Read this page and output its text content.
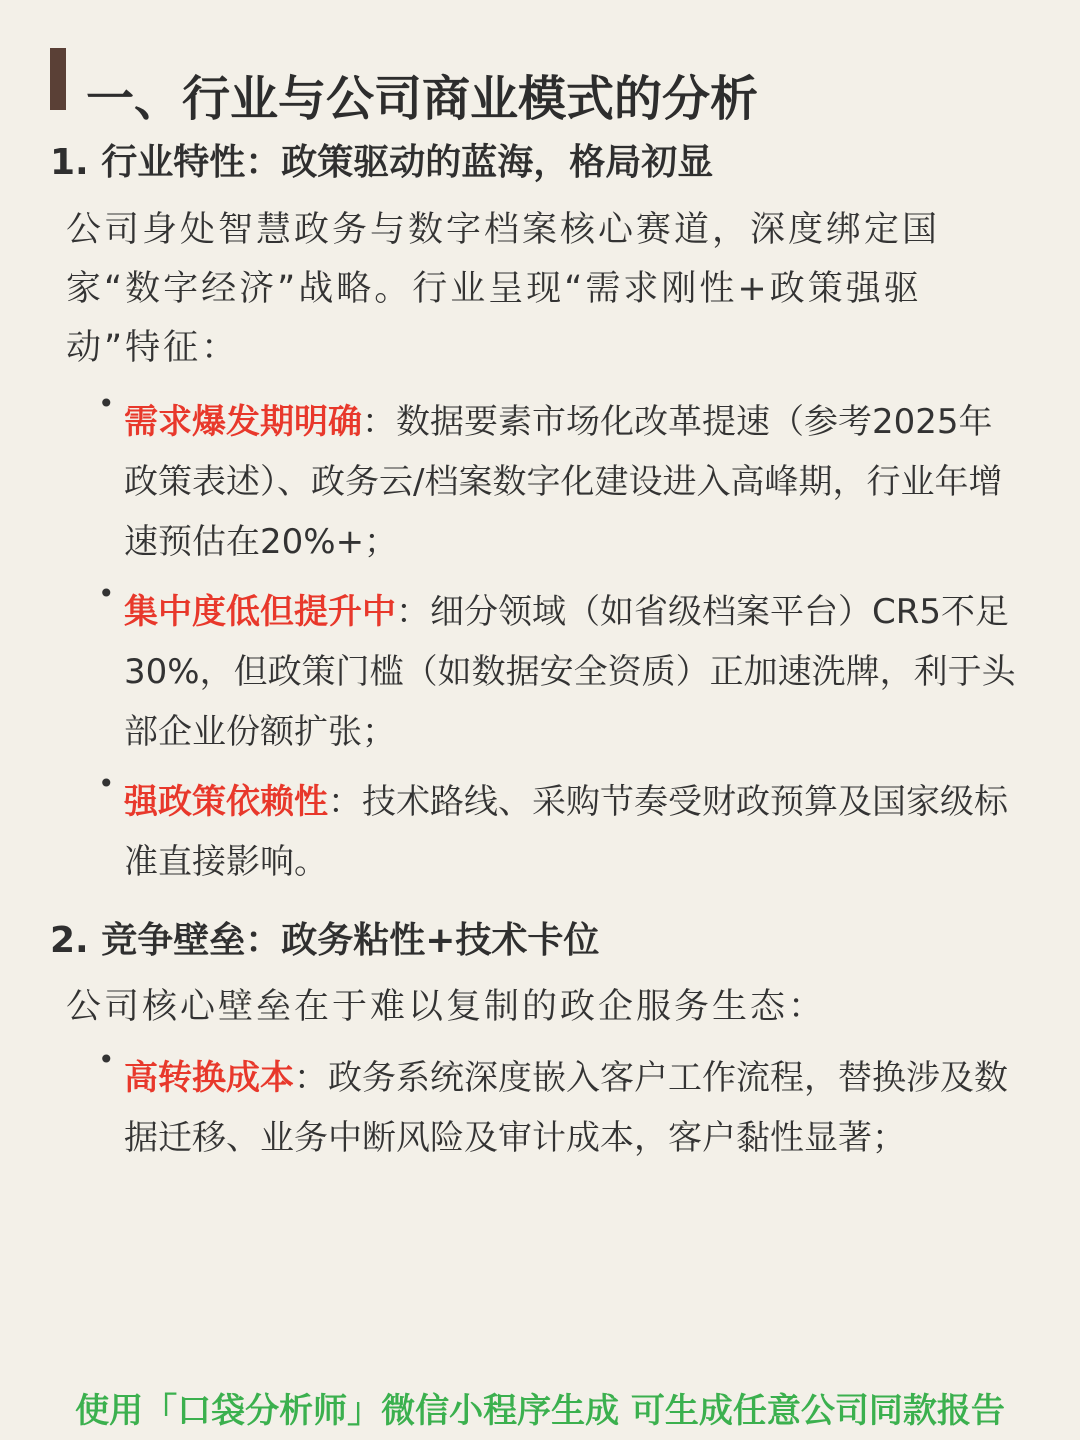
一、行业与公司商业模式的分析
1. 行业特性：政策驱动的蓝海，格局初显

公司身处智慧政务与数字档案核心赛道，深度绑定国家“数字经济”战略。行业呈现“需求刚性+政策强驱动”特征：

• 需求爆发期明确：数据要素市场化改革提速（参考2025年政策表述）、政务云/档案数字化建设进入高峰期，行业年增速预估在20%+；
• 集中度低但提升中：细分领域（如省级档案平台）CR5不足30%，但政策门槛（如数据安全资质）正加速洗牌，利于头部企业份额扩张；
• 强政策依赖性：技术路线、采购节奏受财政预算及国家级标准直接影响。
2. 竞争壁垒：政务粘性+技术卡位

公司核心壁垒在于难以复制的政企服务生态：

• 高转换成本：政务系统深度嵌入客户工作流程，替换涉及数据迁移、业务中断风险及审计成本，客户黏性显著；

使用「口袋分析师」微信小程序生成 可生成任意公司同款报告
